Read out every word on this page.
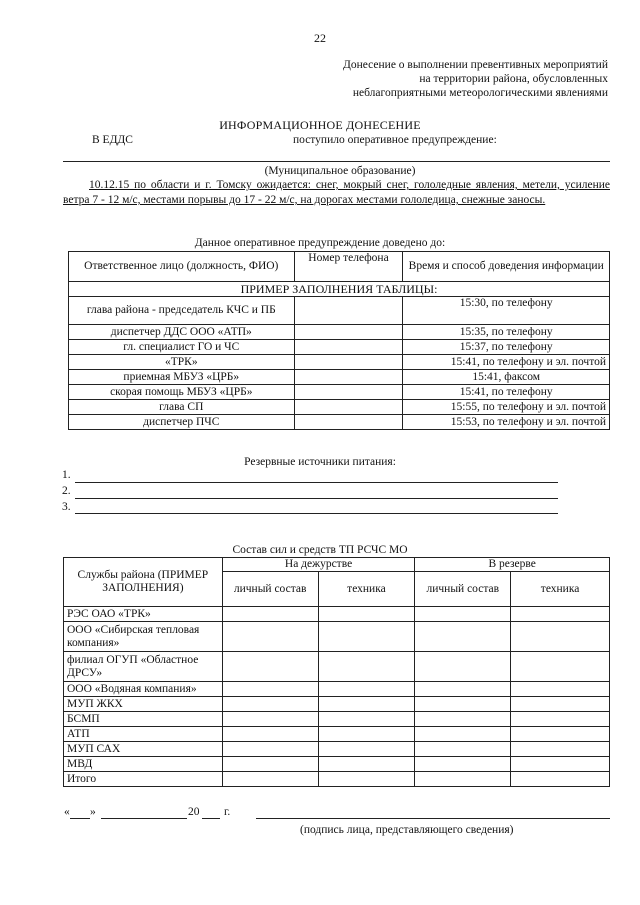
22
Донесение о выполнении превентивных мероприятий
на территории района, обусловленных
неблагоприятными метеорологическими явлениями
ИНФОРМАЦИОННОЕ ДОНЕСЕНИЕ
В ЕДДС	поступило оперативное предупреждение:
(Муниципальное образование)
10.12.15 по области и г. Томску ожидается: снег, мокрый снег, гололедные явления, метели, усиление ветра 7 - 12 м/с, местами порывы до 17 - 22 м/с, на дорогах местами гололедица, снежные заносы.
Данное оперативное предупреждение доведено до:
Ответственное лицо (должность, ФИО)	Номер телефона	Время и способ доведения информации
ПРИМЕР ЗАПОЛНЕНИЯ ТАБЛИЦЫ:		
глава района - председатель КЧС и ПБ		15:30, по телефону
диспетчер ДДС ООО «АТП»		15:35, по телефону
гл. специалист ГО и ЧС		15:37, по телефону
«ТРК»		15:41, по телефону и эл. почтой
приемная МБУЗ «ЦРБ»		15:41, факсом
скорая помощь МБУЗ «ЦРБ»		15:41, по телефону
глава СП		15:55, по телефону и эл. почтой
диспетчер ПЧС		15:53, по телефону и эл. почтой
Резервные источники питания:
1.
2.
3.
Состав сил и средств ТП РСЧС МО
Службы района (ПРИМЕР ЗАПОЛНЕНИЯ)	На дежурстве		В резерве	
	личный состав	техника	личный состав	техника
РЭС ОАО «ТРК»				
ООО «Сибирская тепловая компания»				
филиал ОГУП «Областное ДРСУ»				
ООО «Водяная компания»				
МУП ЖКХ				
БСМП				
АТП				
МУП САХ				
МВД				
Итого				
« »	20 г.
(подпись лица, представляющего сведения)
